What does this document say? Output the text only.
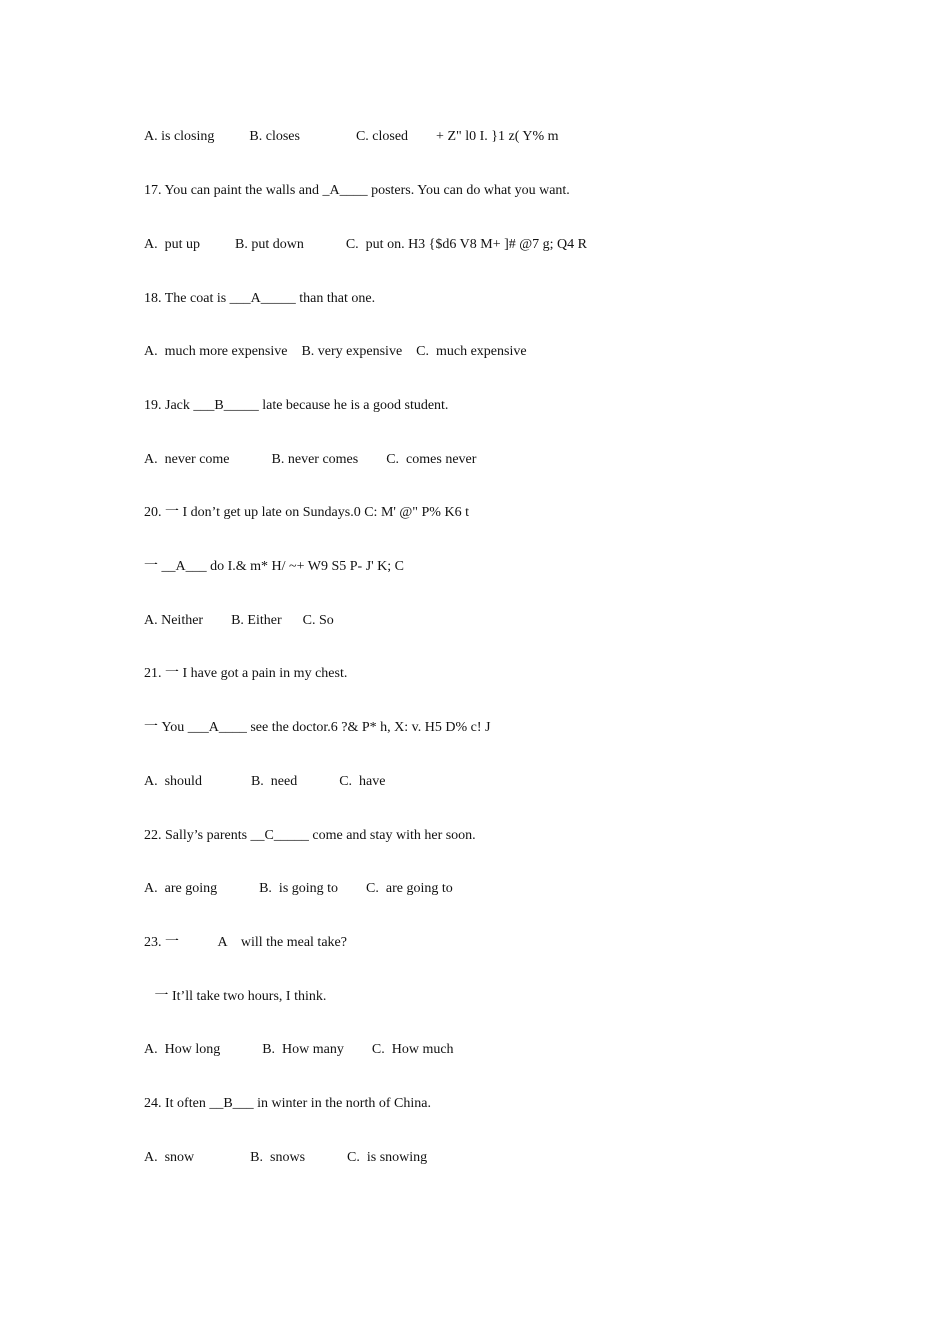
A. is closing          B. closes                C. closed        + Z" l0 I. }1 z( Y% m
17. You can paint the walls and _A____ posters. You can do what you want.
A.  put up          B. put down            C.  put on. H3 {$d6 V8 M+ ]# @7 g; Q4 R
18. The coat is ___A_____ than that one.
A.  much more expensive    B. very expensive    C.  much expensive
19. Jack ___B_____ late because he is a good student.
A.  never come            B. never comes        C.  comes never
20. 一 I don’t get up late on Sundays.0 C: M' @" P% K6 t
一 __A___ do I.& m* H/ ~+ W9 S5 P- J' K; C
A. Neither        B. Either      C. So
21. 一 I have got a pain in my chest.
一 You ___A____ see the doctor.6 ?& P* h, X: v. H5 D% c! J
A.  should              B.  need            C.  have
22. Sally’s parents __C_____ come and stay with her soon.
A.  are going            B.  is going to        C.  are going to
23. 一           A    will the meal take?
一 It’ll take two hours, I think.
A.  How long            B.  How many        C.  How much
24. It often __B___ in winter in the north of China.
A.  snow                B.  snows            C.  is snowing
